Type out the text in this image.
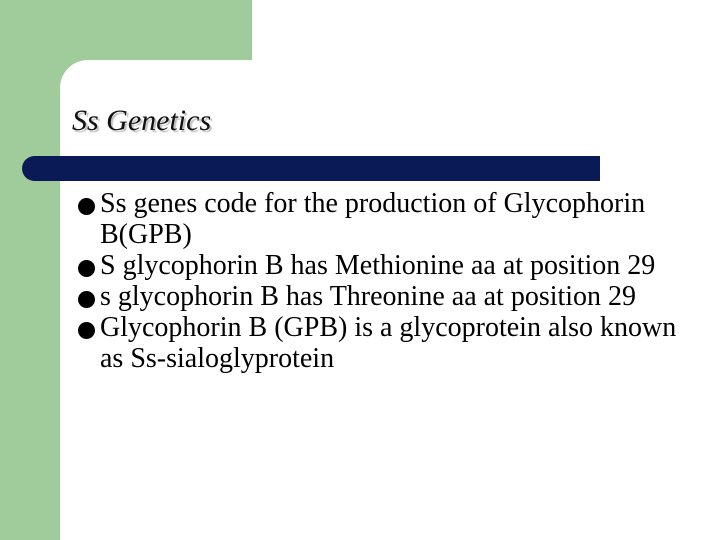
Ss Genetics
Ss genes code for the production of Glycophorin B(GPB)
S glycophorin B has Methionine aa at position 29
s glycophorin B has Threonine aa at position 29
Glycophorin B (GPB) is a glycoprotein also known as Ss-sialoglyprotein
